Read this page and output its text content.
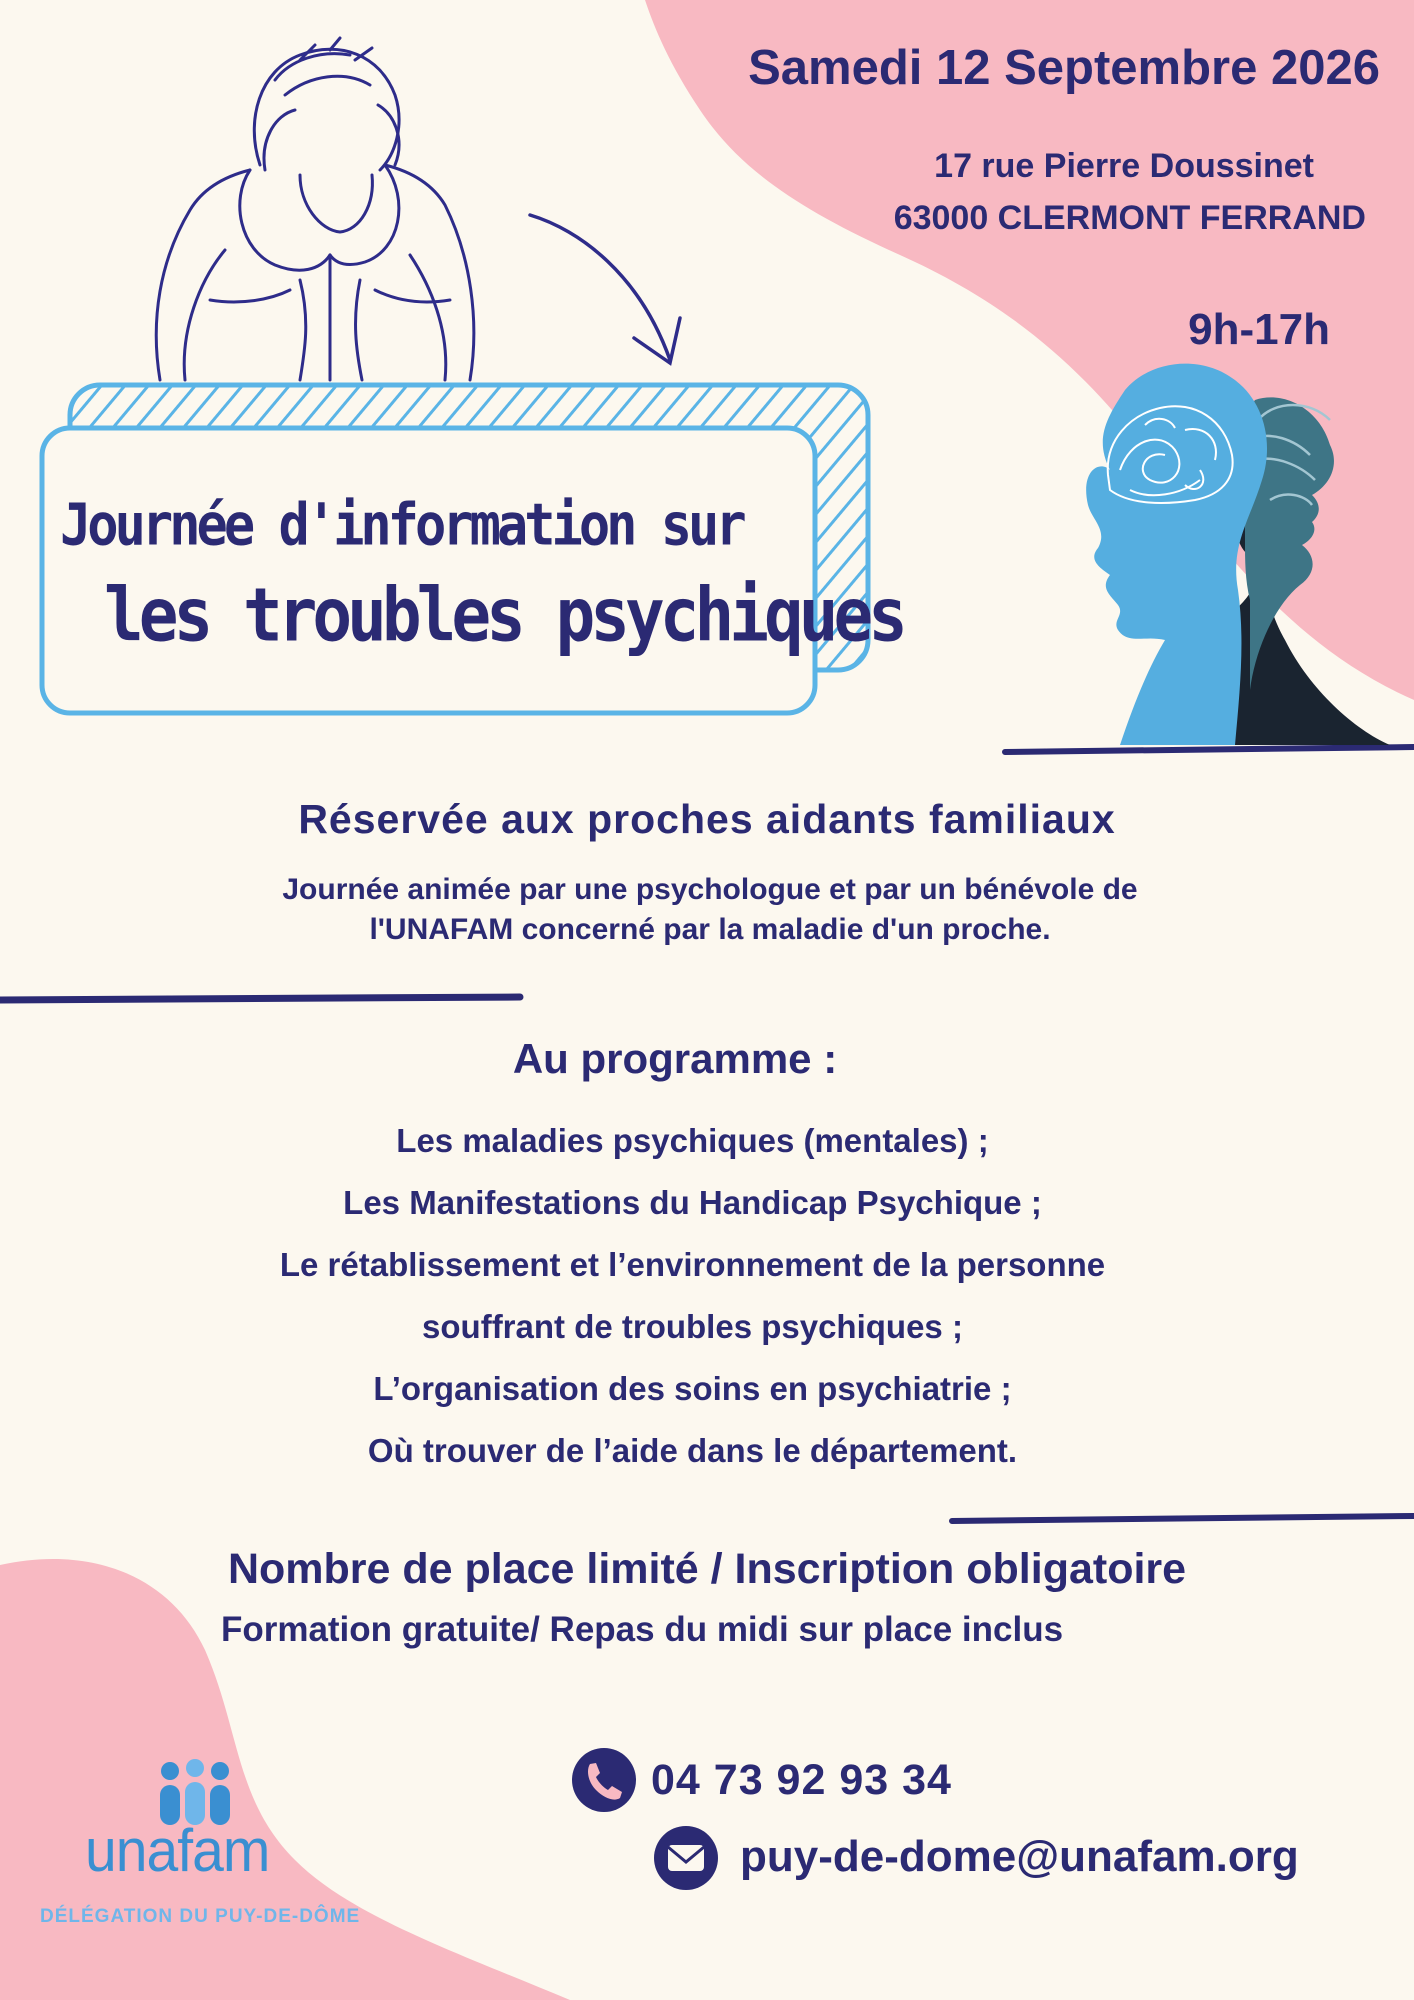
Samedi 12 Septembre 2026
17 rue Pierre Doussinet
63000 CLERMONT FERRAND
9h-17h
Journée d'information sur
les troubles psychiques
Réservée aux proches aidants familiaux
Journée animée par une psychologue et par un bénévole de
l'UNAFAM concerné par la maladie d'un proche.
Au programme :
Les maladies psychiques (mentales) ;
Les Manifestations du Handicap Psychique ;
Le rétablissement et l’environnement de la personne
souffrant de troubles psychiques ;
L’organisation des soins en psychiatrie ;
Où trouver de l’aide dans le département.
Nombre de place limité / Inscription obligatoire
Formation gratuite/ Repas du midi sur place inclus
04 73 92 93 34
puy-de-dome@unafam.org
unafam
DÉLÉGATION DU PUY-DE-DÔME
